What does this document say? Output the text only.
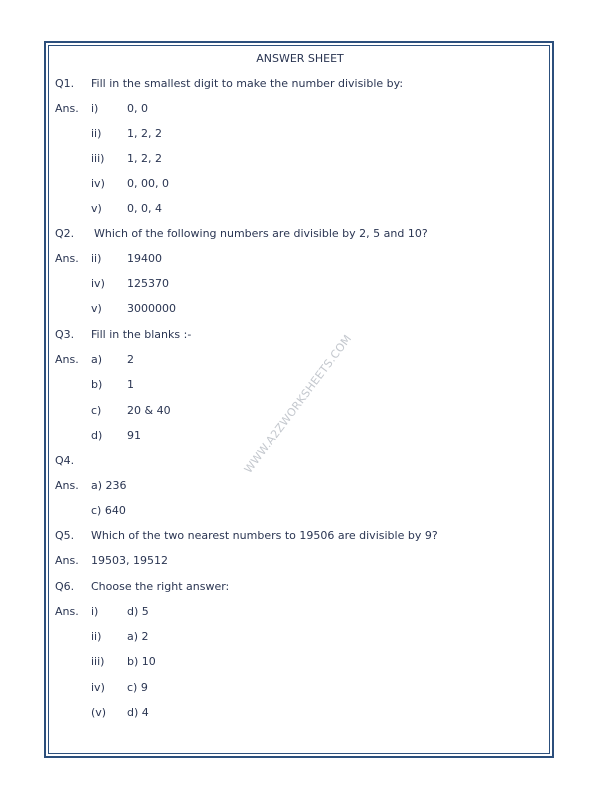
WWW.A2ZWORKSHEETS.COM
ANSWER SHEET
Q1. Fill in the smallest digit to make the number divisible by:
Ans. i)	0, 0
ii) 1, 2, 2
iii) 1, 2, 2
iv) 0, 00, 0
v) 0, 0, 4
Q2. Which of the following numbers are divisible by 2, 5 and 10?
Ans. ii) 19400
iv) 125370
v) 3000000
Q3. Fill in the blanks :-
Ans. a) 2
b) 1
c) 20 & 40
d) 91
Q4.
Ans. a) 236
c) 640
Q5. Which of the two nearest numbers to 19506 are divisible by 9?
Ans. 19503, 19512
Q6. Choose the right answer:
Ans. i)	d) 5
ii) a) 2
iii) b) 10
iv) c) 9
(v) d) 4
